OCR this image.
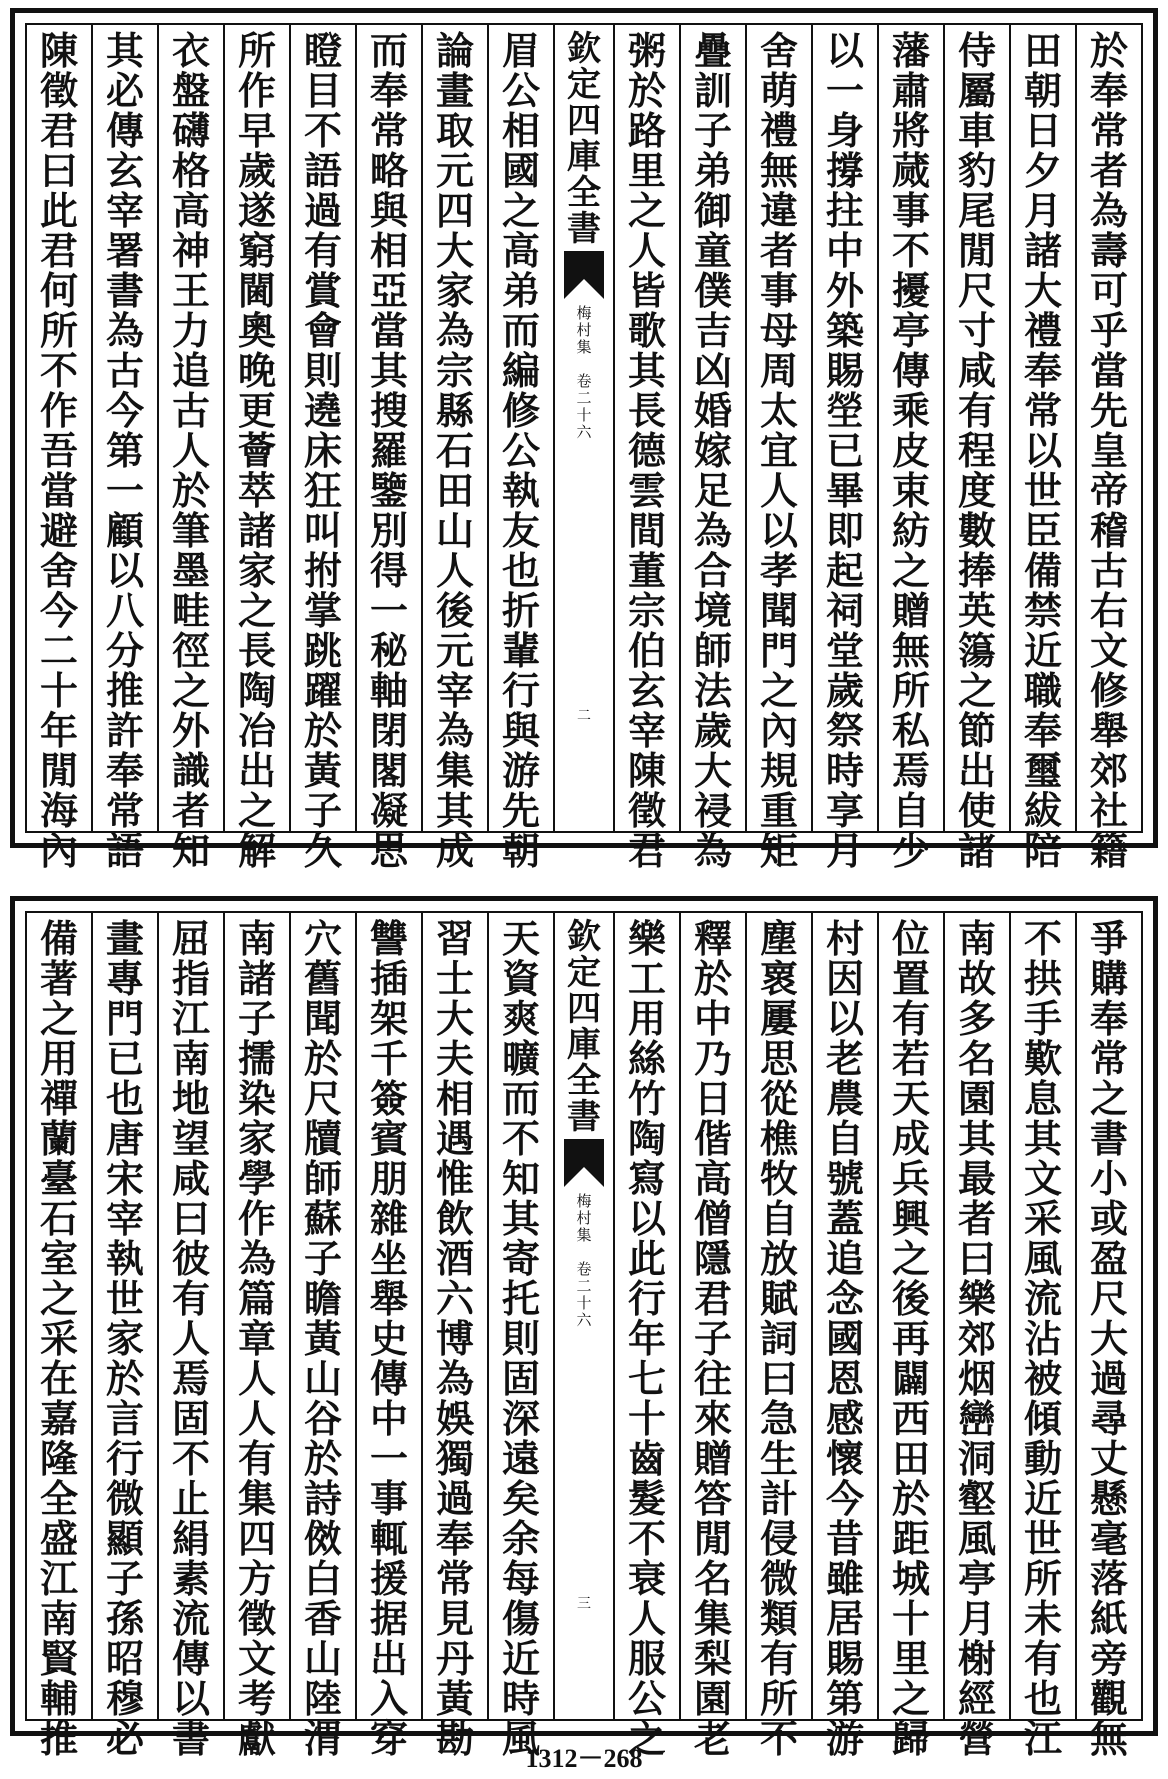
於
奉
常
者
為
壽
可
乎
當
先
皇
帝
稽
古
右
文
修
舉
郊
社
籍
田
朝
日
夕
月
諸
大
禮
奉
常
以
世
臣
備
禁
近
職
奉
璽
紱
陪
侍
屬
車
豹
尾
閒
尺
寸
咸
有
程
度
數
捧
英
簜
之
節
出
使
諸
藩
肅
將
蒇
事
不
擾
亭
傳
乘
皮
束
紡
之
贈
無
所
私
焉
自
少
以
一
身
撐
拄
中
外
築
賜
塋
已
畢
即
起
祠
堂
歲
祭
時
享
月
舍
萌
禮
無
違
者
事
母
周
太
宜
人
以
孝
聞
門
之
內
規
重
矩
疊
訓
子
弟
御
童
僕
吉
凶
婚
嫁
足
為
合
境
師
法
歲
大
祲
為
粥
於
路
里
之
人
皆
歌
其
長
德
雲
間
董
宗
伯
玄
宰
陳
徵
君
欽
定
四
庫
全
書
梅
村
集

卷
二
十
六
二
眉
公
相
國
之
高
弟
而
編
修
公
執
友
也
折
輩
行
與
游
先
朝
論
畫
取
元
四
大
家
為
宗
縣
石
田
山
人
後
元
宰
為
集
其
成
而
奉
常
略
與
相
亞
當
其
搜
羅
鑒
別
得
一
秘
軸
閉
閣
凝
思
瞪
目
不
語
過
有
賞
會
則
遶
床
狂
叫
拊
掌
跳
躍
於
黃
子
久
所
作
早
歲
遂
窮
閫
奧
晚
更
薈
萃
諸
家
之
長
陶
冶
出
之
解
衣
盤
礴
格
高
神
王
力
追
古
人
於
筆
墨
畦
徑
之
外
識
者
知
其
必
傳
玄
宰
署
書
為
古
今
第
一
顧
以
八
分
推
許
奉
常
語
陳
徵
君
曰
此
君
何
所
不
作
吾
當
避
舍
今
二
十
年
閒
海
內
爭
購
奉
常
之
書
小
或
盈
尺
大
過
尋
丈
懸
毫
落
紙
旁
觀
無
不
拱
手
歎
息
其
文
采
風
流
沾
被
傾
動
近
世
所
未
有
也
江
南
故
多
名
園
其
最
者
曰
樂
郊
烟
巒
洞
壑
風
亭
月
榭
經
營
位
置
有
若
天
成
兵
興
之
後
再
闢
西
田
於
距
城
十
里
之
歸
村
因
以
老
農
自
號
蓋
追
念
國
恩
感
懷
今
昔
雖
居
賜
第
游
塵
褱
屢
思
從
樵
牧
自
放
賦
詞
曰
急
生
計
侵
微
類
有
所
不
釋
於
中
乃
日
偕
高
僧
隱
君
子
往
來
贈
答
閒
名
集
梨
園
老
樂
工
用
絲
竹
陶
寫
以
此
行
年
七
十
齒
髮
不
衰
人
服
公
之
欽
定
四
庫
全
書
梅
村
集

卷
二
十
六
三
天
資
爽
曠
而
不
知
其
寄
托
則
固
深
遠
矣
余
每
傷
近
時
風
習
士
大
夫
相
遇
惟
飲
酒
六
博
為
娛
獨
過
奉
常
見
丹
黃
勘
讐
插
架
千
簽
賓
朋
雜
坐
舉
史
傳
中
一
事
輒
援
据
出
入
穿
穴
舊
聞
於
尺
牘
師
蘇
子
瞻
黃
山
谷
於
詩
傚
白
香
山
陸
渭
南
諸
子
擩
染
家
學
作
為
篇
章
人
人
有
集
四
方
徵
文
考
獻
屈
指
江
南
地
望
咸
曰
彼
有
人
焉
固
不
止
絹
素
流
傳
以
書
畫
專
門
已
也
唐
宋
宰
執
世
家
於
言
行
微
顯
子
孫
昭
穆
必
備
著
之
用
禪
蘭
臺
石
室
之
采
在
嘉
隆
全
盛
江
南
賢
輔
推	1312－268
